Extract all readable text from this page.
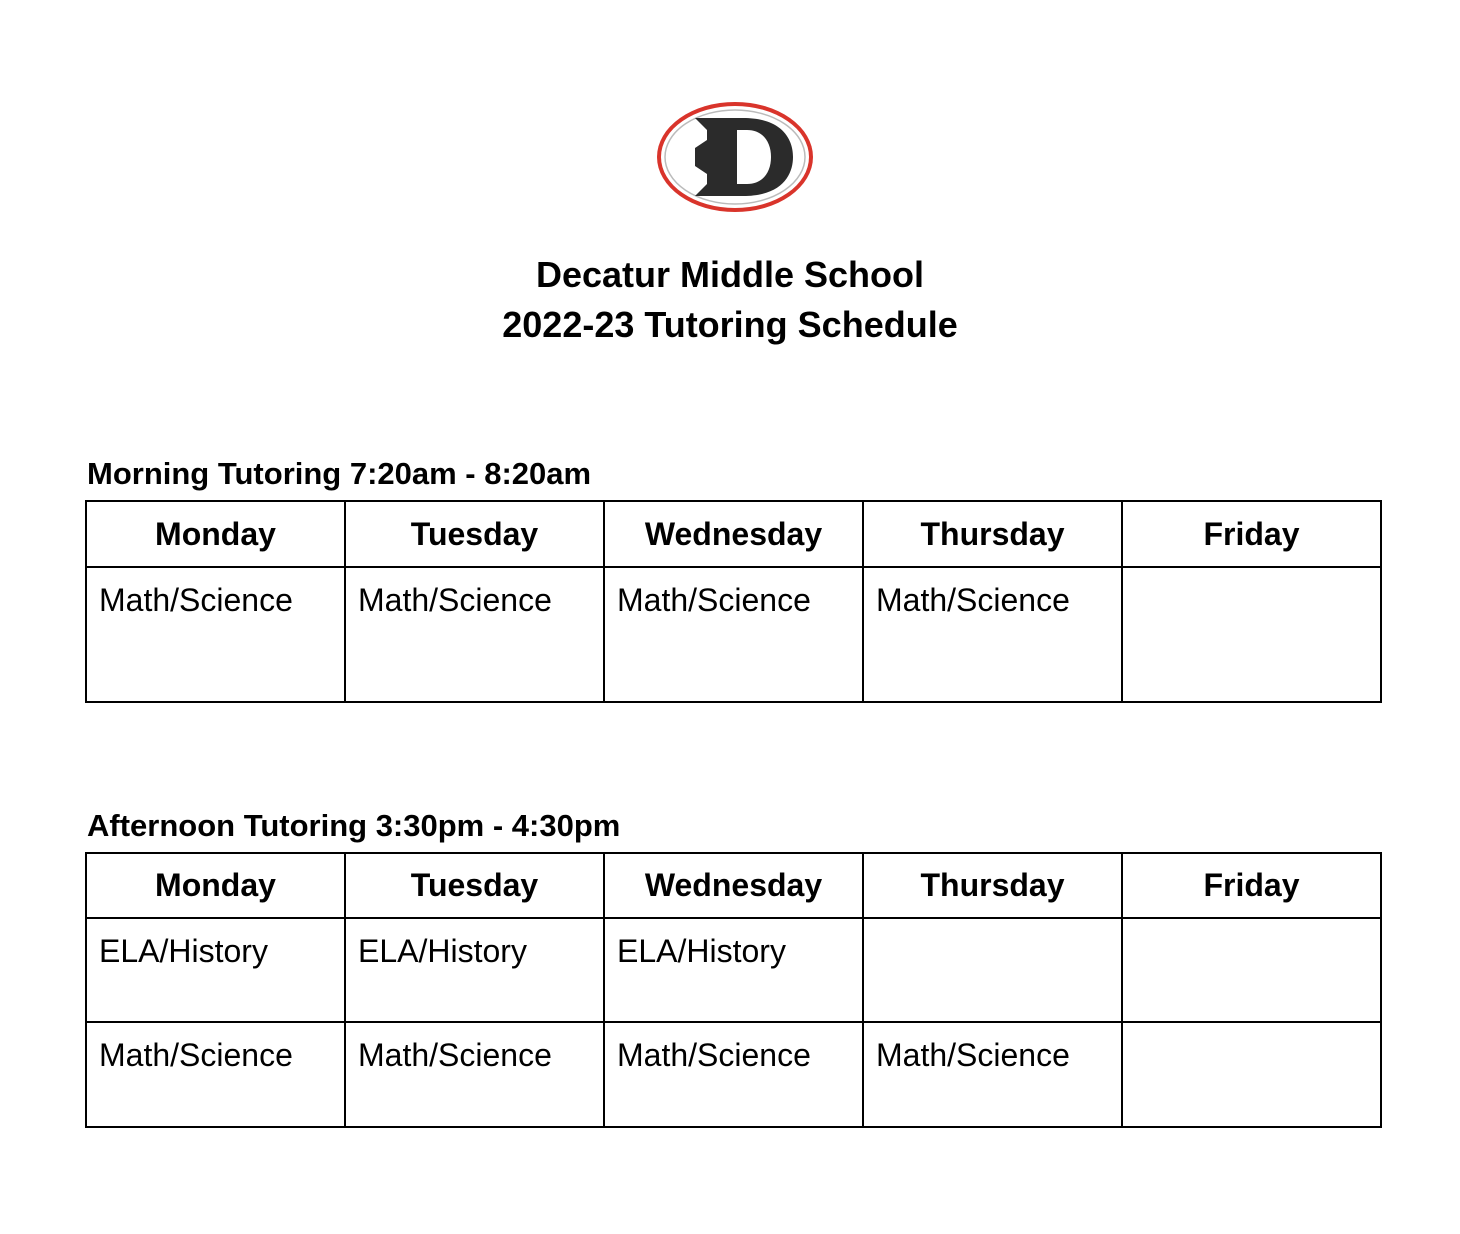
Decatur Middle School
2022-23 Tutoring Schedule
Morning Tutoring 7:20am - 8:20am
Monday	Tuesday	Wednesday	Thursday	Friday
Math/Science	Math/Science	Math/Science	Math/Science	
Afternoon Tutoring 3:30pm - 4:30pm
Monday	Tuesday	Wednesday	Thursday	Friday
ELA/History	ELA/History	ELA/History		
Math/Science	Math/Science	Math/Science	Math/Science	
